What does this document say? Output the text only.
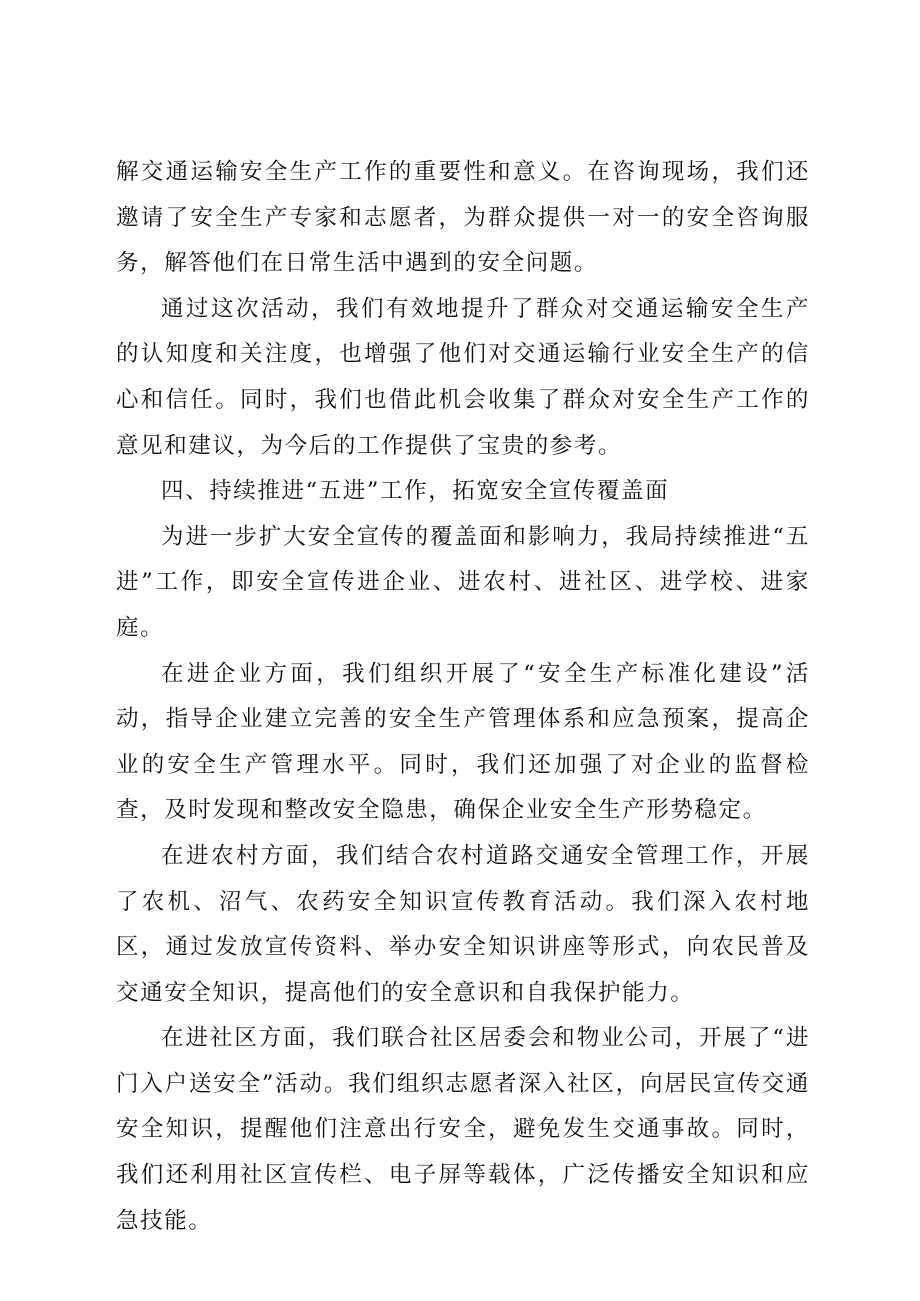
解交通运输安全生产工作的重要性和意义。在咨询现场，我们还邀请了安全生产专家和志愿者，为群众提供一对一的安全咨询服务，解答他们在日常生活中遇到的安全问题。

通过这次活动，我们有效地提升了群众对交通运输安全生产的认知度和关注度，也增强了他们对交通运输行业安全生产的信心和信任。同时，我们也借此机会收集了群众对安全生产工作的意见和建议，为今后的工作提供了宝贵的参考。

四、持续推进“五进”工作，拓宽安全宣传覆盖面

为进一步扩大安全宣传的覆盖面和影响力，我局持续推进“五进”工作，即安全宣传进企业、进农村、进社区、进学校、进家庭。

在进企业方面，我们组织开展了“安全生产标准化建设”活动，指导企业建立完善的安全生产管理体系和应急预案，提高企业的安全生产管理水平。同时，我们还加强了对企业的监督检查，及时发现和整改安全隐患，确保企业安全生产形势稳定。

在进农村方面，我们结合农村道路交通安全管理工作，开展了农机、沼气、农药安全知识宣传教育活动。我们深入农村地区，通过发放宣传资料、举办安全知识讲座等形式，向农民普及交通安全知识，提高他们的安全意识和自我保护能力。

在进社区方面，我们联合社区居委会和物业公司，开展了“进门入户送安全”活动。我们组织志愿者深入社区，向居民宣传交通安全知识，提醒他们注意出行安全，避免发生交通事故。同时，我们还利用社区宣传栏、电子屏等载体，广泛传播安全知识和应急技能。
